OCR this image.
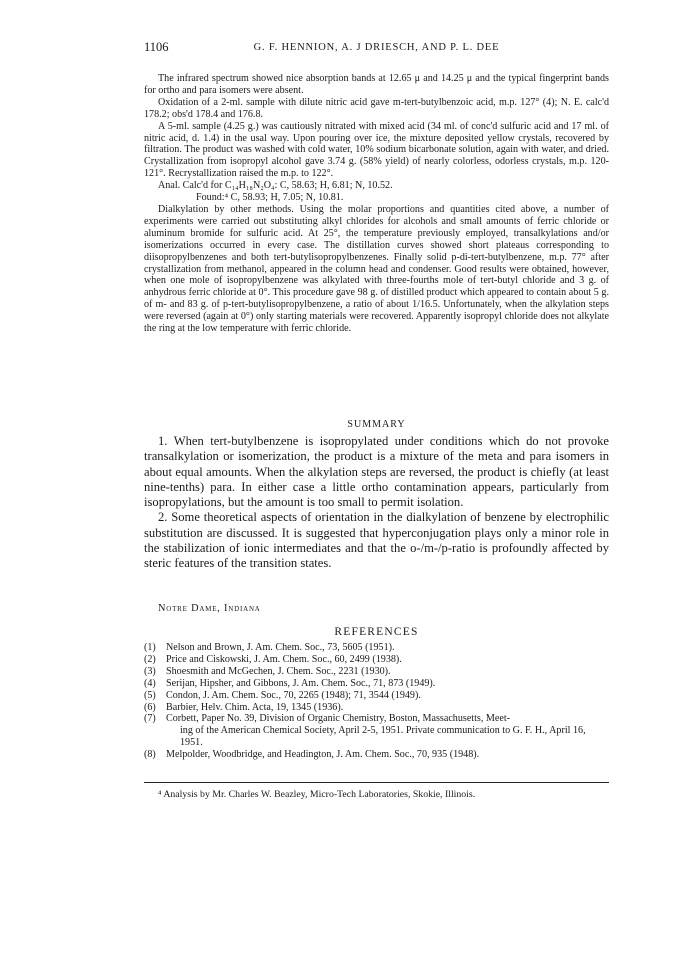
1106	G. F. HENNION, A. J DRIESCH, AND P. L. DEE

The infrared spectrum showed nice absorption bands at 12.65 μ and 14.25 μ and the typical fingerprint bands for ortho and para isomers were absent.

Oxidation of a 2-ml. sample with dilute nitric acid gave m-tert-butylbenzoic acid, m.p. 127° (4); N. E. calc'd 178.2; obs'd 178.4 and 176.8.

A 5-ml. sample (4.25 g.) was cautiously nitrated with mixed acid (34 ml. of conc'd sulfuric acid and 17 ml. of nitric acid, d. 1.4) in the usal way. Upon pouring over ice, the mixture deposited yellow crystals, recovered by filtration. The product was washed with cold water, 10% sodium bicarbonate solution, again with water, and dried. Crystallization from isopropyl alcohol gave 3.74 g. (58% yield) of nearly colorless, odorless crystals, m.p. 120-121°. Recrystallization raised the m.p. to 122°.

Anal. Calc'd for C₁₄H₁₈N₂O₄: C, 58.63; H, 6.81; N, 10.52.

Found:⁴ C, 58.93; H, 7.05; N, 10.81.

Dialkylation by other methods. Using the molar proportions and quantities cited above, a number of experiments were carried out substituting alkyl chlorides for alcohols and small amounts of ferric chloride or aluminum bromide for sulfuric acid. At 25°, the temperature previously employed, transalkylations and/or isomerizations occurred in every case. The distillation curves showed short plateaus corresponding to diisopropylbenzenes and both tert-butylisopropylbenzenes. Finally solid p-di-tert-butylbenzene, m.p. 77° after crystallization from methanol, appeared in the column head and condenser. Good results were obtained, however, when one mole of isopropylbenzene was alkylated with three-fourths mole of tert-butyl chloride and 3 g. of anhydrous ferric chloride at 0°. This procedure gave 98 g. of distilled product which appeared to contain about 5 g. of m- and 83 g. of p-tert-butylisopropylbenzene, a ratio of about 1/16.5. Unfortunately, when the alkylation steps were reversed (again at 0°) only starting materials were recovered. Apparently isopropyl chloride does not alkylate the ring at the low temperature with ferric chloride.

SUMMARY

1. When tert-butylbenzene is isopropylated under conditions which do not provoke transalkylation or isomerization, the product is a mixture of the meta and para isomers in about equal amounts. When the alkylation steps are reversed, the product is chiefly (at least nine-tenths) para. In either case a little ortho contamination appears, particularly from isopropylations, but the amount is too small to permit isolation.

2. Some theoretical aspects of orientation in the dialkylation of benzene by electrophilic substitution are discussed. It is suggested that hyperconjugation plays only a minor role in the stabilization of ionic intermediates and that the o-/m-/p-ratio is profoundly affected by steric features of the transition states.

Notre Dame, Indiana
REFERENCES
(1) Nelson and Brown, J. Am. Chem. Soc., 73, 5605 (1951).
(2) Price and Ciskowski, J. Am. Chem. Soc., 60, 2499 (1938).
(3) Shoesmith and McGechen, J. Chem. Soc., 2231 (1930).
(4) Serijan, Hipsher, and Gibbons, J. Am. Chem. Soc., 71, 873 (1949).
(5) Condon, J. Am. Chem. Soc., 70, 2265 (1948); 71, 3544 (1949).
(6) Barbier, Helv. Chim. Acta, 19, 1345 (1936).
(7) Corbett, Paper No. 39, Division of Organic Chemistry, Boston, Massachusetts, Meet-
ing of the American Chemical Society, April 2-5, 1951. Private communication to G. F. H., April 16, 1951.
(8) Melpolder, Woodbridge, and Headington, J. Am. Chem. Soc., 70, 935 (1948).
⁴ Analysis by Mr. Charles W. Beazley, Micro-Tech Laboratories, Skokie, Illinois.
